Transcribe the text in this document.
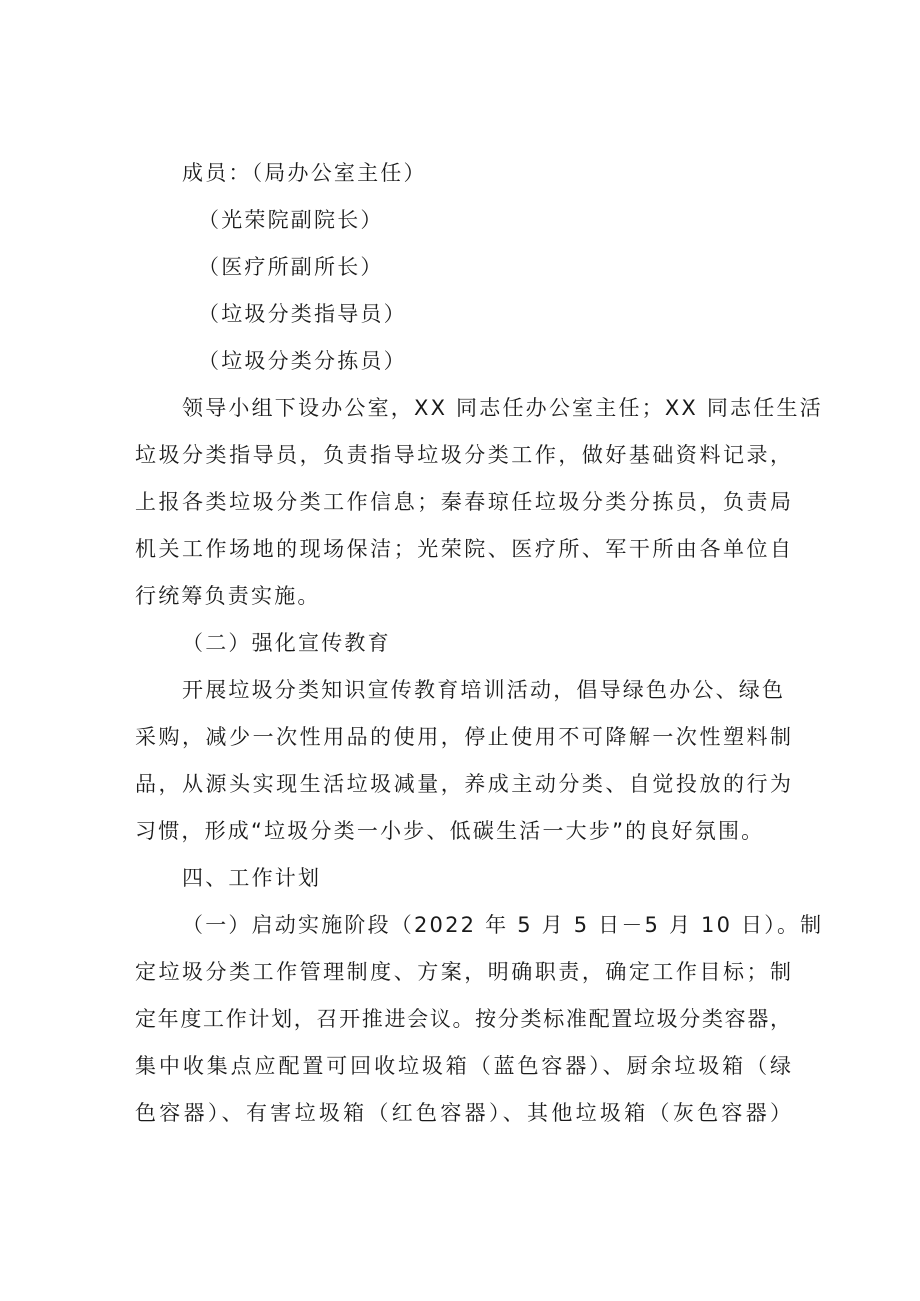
成员：（局办公室主任）
（光荣院副院长）
（医疗所副所长）
（垃圾分类指导员）
（垃圾分类分拣员）
领导小组下设办公室，XX 同志任办公室主任；XX 同志任生活
垃圾分类指导员，负责指导垃圾分类工作，做好基础资料记录，
上报各类垃圾分类工作信息；秦春琼任垃圾分类分拣员，负责局
机关工作场地的现场保洁；光荣院、医疗所、军干所由各单位自
行统筹负责实施。
（二）强化宣传教育
开展垃圾分类知识宣传教育培训活动，倡导绿色办公、绿色
采购，减少一次性用品的使用，停止使用不可降解一次性塑料制
品，从源头实现生活垃圾减量，养成主动分类、自觉投放的行为
习惯，形成“垃圾分类一小步、低碳生活一大步”的良好氛围。
四、工作计划
（一）启动实施阶段（2022 年 5 月 5 日－5 月 10 日）。制
定垃圾分类工作管理制度、方案，明确职责，确定工作目标；制
定年度工作计划，召开推进会议。按分类标准配置垃圾分类容器，
集中收集点应配置可回收垃圾箱（蓝色容器）、厨余垃圾箱（绿
色容器）、有害垃圾箱（红色容器）、其他垃圾箱（灰色容器）
